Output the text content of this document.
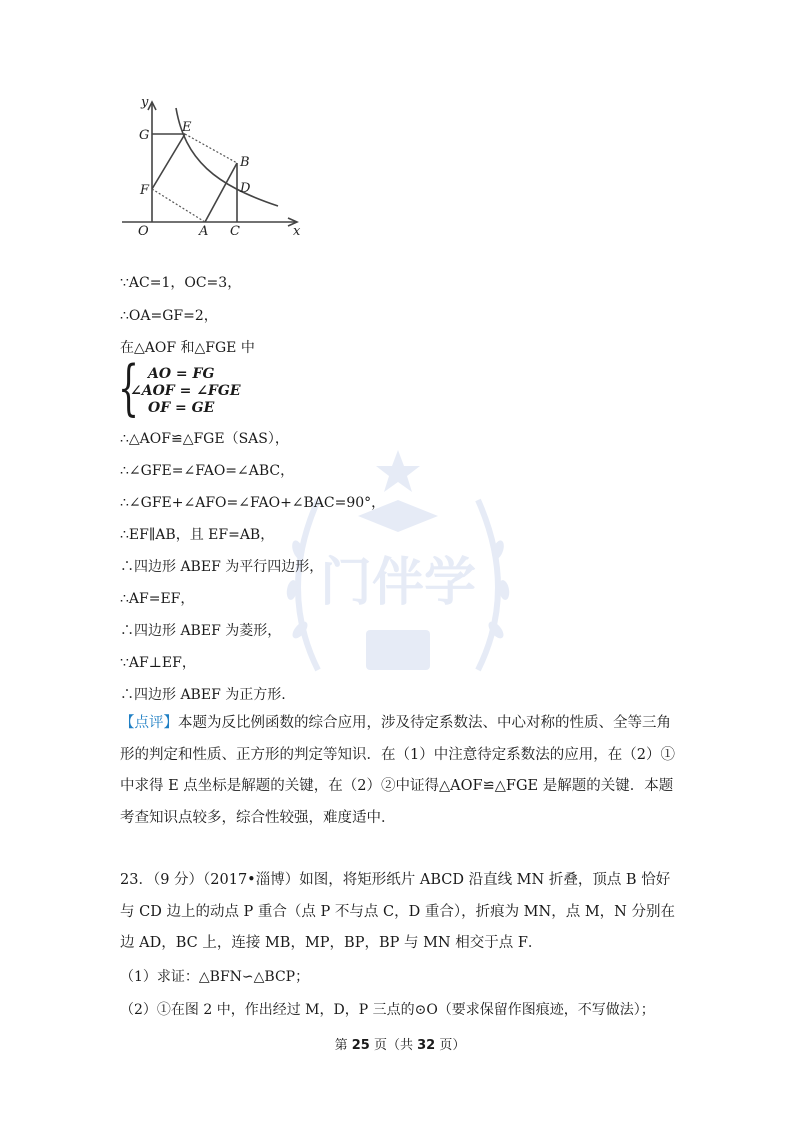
门伴学
y
G
E
B
F	D
O	A C	x
∵AC=1，OC=3，
∴OA=GF=2，
在△AOF 和△FGE 中
{ AO = FG
∠AOF = ∠FGE
OF = GE
∴△AOF≌△FGE（SAS），
∴∠GFE=∠FAO=∠ABC，
∴∠GFE+∠AFO=∠FAO+∠BAC=90°，
∴EF∥AB，且 EF=AB，
∴四边形 ABEF 为平行四边形，
∴AF=EF，
∴四边形 ABEF 为菱形，
∵AF⊥EF，
∴四边形 ABEF 为正方形.
【点评】本题为反比例函数的综合应用，涉及待定系数法、中心对称的性质、全等三角形的判定和性质、正方形的判定等知识．在（1）中注意待定系数法的应用，在（2）①中求得 E 点坐标是解题的关键，在（2）②中证得△AOF≌△FGE 是解题的关键．本题考查知识点较多，综合性较强，难度适中．
23．（9 分）（2017•淄博）如图，将矩形纸片 ABCD 沿直线 MN 折叠，顶点 B 恰好与 CD 边上的动点 P 重合（点 P 不与点 C，D 重合），折痕为 MN，点 M，N 分别在边 AD，BC 上，连接 MB，MP，BP，BP 与 MN 相交于点 F．
（1）求证：△BFN∽△BCP；
（2）①在图 2 中，作出经过 M，D，P 三点的⊙O（要求保留作图痕迹，不写做法）；
第 25 页（共 32 页）
